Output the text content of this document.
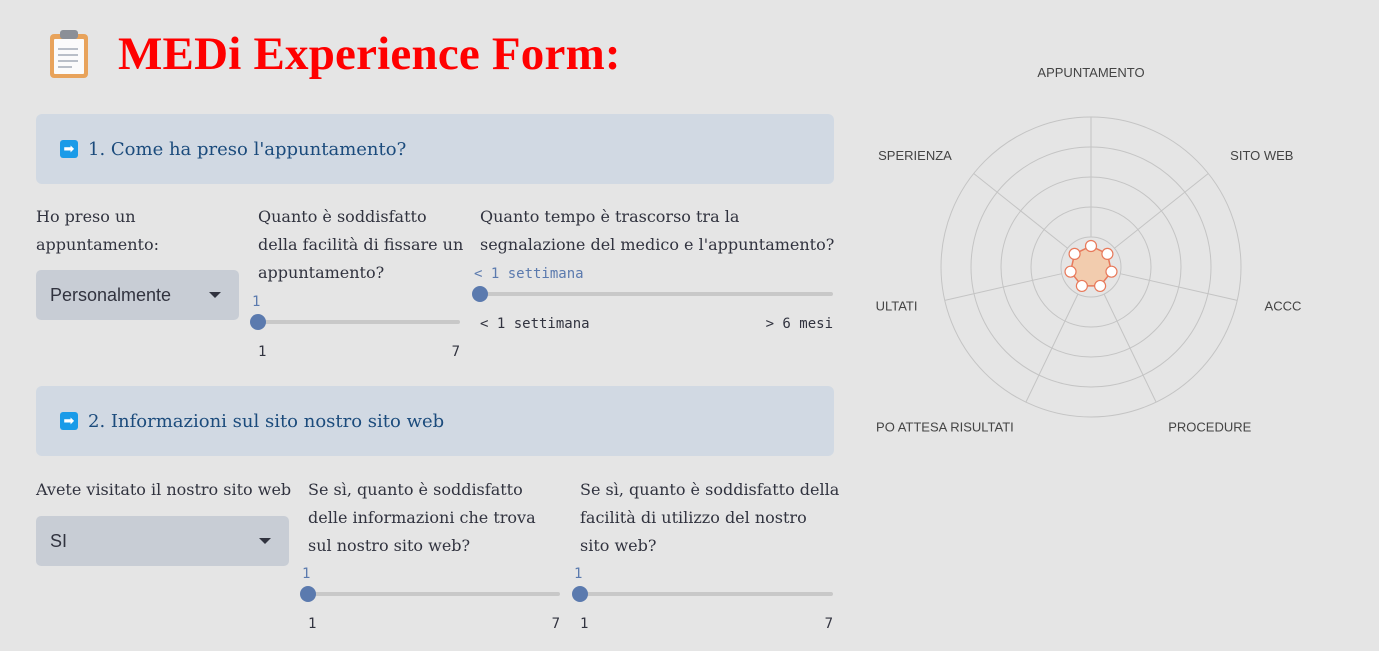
MEDi Experience Form:
➡ 1. Come ha preso l'appuntamento?
Ho preso un appuntamento:
Personalmente
Quanto è soddisfatto della facilità di fissare un appuntamento?
1
1	7
Quanto tempo è trascorso tra la segnalazione del medico e l'appuntamento?
< 1 settimana
< 1 settimana	> 6 mesi
➡ 2. Informazioni sul sito nostro sito web
Avete visitato il nostro sito web
SI
Se sì, quanto è soddisfatto delle informazioni che trova sul nostro sito web?
1
1	7
Se sì, quanto è soddisfatto della facilità di utilizzo del nostro sito web?
1
1	7
APPUNTAMENTO
SITO WEB
ACCC
PROCEDURE
PO ATTESA RISULTATI
ULTATI
SPERIENZA
